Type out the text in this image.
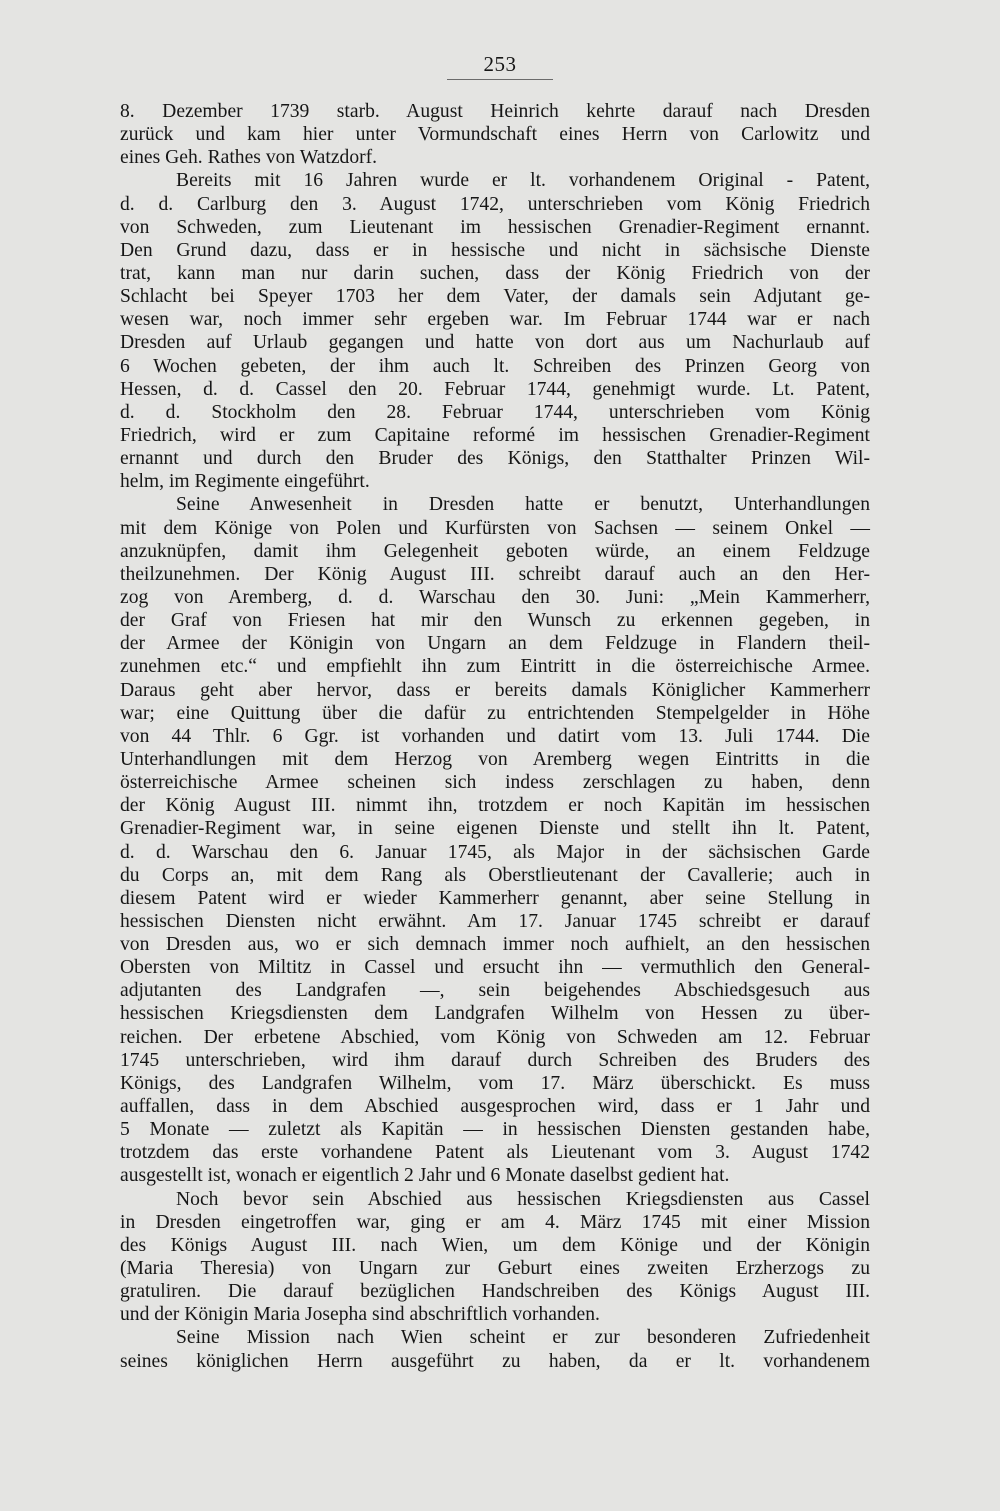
253
8. Dezember 1739 starb. August Heinrich kehrte darauf nach Dresden
zurück und kam hier unter Vormundschaft eines Herrn von Carlowitz und
eines Geh. Rathes von Watzdorf.
Bereits mit 16 Jahren wurde er lt. vorhandenem Original - Patent,
d. d. Carlburg den 3. August 1742, unterschrieben vom König Friedrich
von Schweden, zum Lieutenant im hessischen Grenadier-Regiment ernannt.
Den Grund dazu, dass er in hessische und nicht in sächsische Dienste
trat, kann man nur darin suchen, dass der König Friedrich von der
Schlacht bei Speyer 1703 her dem Vater, der damals sein Adjutant ge-
wesen war, noch immer sehr ergeben war. Im Februar 1744 war er nach
Dresden auf Urlaub gegangen und hatte von dort aus um Nachurlaub auf
6 Wochen gebeten, der ihm auch lt. Schreiben des Prinzen Georg von
Hessen, d. d. Cassel den 20. Februar 1744, genehmigt wurde. Lt. Patent,
d. d. Stockholm den 28. Februar 1744, unterschrieben vom König
Friedrich, wird er zum Capitaine reformé im hessischen Grenadier-Regiment
ernannt und durch den Bruder des Königs, den Statthalter Prinzen Wil-
helm, im Regimente eingeführt.
Seine Anwesenheit in Dresden hatte er benutzt, Unterhandlungen
mit dem Könige von Polen und Kurfürsten von Sachsen — seinem Onkel —
anzuknüpfen, damit ihm Gelegenheit geboten würde, an einem Feldzuge
theilzunehmen. Der König August III. schreibt darauf auch an den Her-
zog von Aremberg, d. d. Warschau den 30. Juni: „Mein Kammerherr,
der Graf von Friesen hat mir den Wunsch zu erkennen gegeben, in
der Armee der Königin von Ungarn an dem Feldzuge in Flandern theil-
zunehmen etc.“ und empfiehlt ihn zum Eintritt in die österreichische Armee.
Daraus geht aber hervor, dass er bereits damals Königlicher Kammerherr
war; eine Quittung über die dafür zu entrichtenden Stempelgelder in Höhe
von 44 Thlr. 6 Ggr. ist vorhanden und datirt vom 13. Juli 1744. Die
Unterhandlungen mit dem Herzog von Aremberg wegen Eintritts in die
österreichische Armee scheinen sich indess zerschlagen zu haben, denn
der König August III. nimmt ihn, trotzdem er noch Kapitän im hessischen
Grenadier-Regiment war, in seine eigenen Dienste und stellt ihn lt. Patent,
d. d. Warschau den 6. Januar 1745, als Major in der sächsischen Garde
du Corps an, mit dem Rang als Oberstlieutenant der Cavallerie; auch in
diesem Patent wird er wieder Kammerherr genannt, aber seine Stellung in
hessischen Diensten nicht erwähnt. Am 17. Januar 1745 schreibt er darauf
von Dresden aus, wo er sich demnach immer noch aufhielt, an den hessischen
Obersten von Miltitz in Cassel und ersucht ihn — vermuthlich den General-
adjutanten des Landgrafen —, sein beigehendes Abschiedsgesuch aus
hessischen Kriegsdiensten dem Landgrafen Wilhelm von Hessen zu über-
reichen. Der erbetene Abschied, vom König von Schweden am 12. Februar
1745 unterschrieben, wird ihm darauf durch Schreiben des Bruders des
Königs, des Landgrafen Wilhelm, vom 17. März überschickt. Es muss
auffallen, dass in dem Abschied ausgesprochen wird, dass er 1 Jahr und
5 Monate — zuletzt als Kapitän — in hessischen Diensten gestanden habe,
trotzdem das erste vorhandene Patent als Lieutenant vom 3. August 1742
ausgestellt ist, wonach er eigentlich 2 Jahr und 6 Monate daselbst gedient hat.
Noch bevor sein Abschied aus hessischen Kriegsdiensten aus Cassel
in Dresden eingetroffen war, ging er am 4. März 1745 mit einer Mission
des Königs August III. nach Wien, um dem Könige und der Königin
(Maria Theresia) von Ungarn zur Geburt eines zweiten Erzherzogs zu
gratuliren. Die darauf bezüglichen Handschreiben des Königs August III.
und der Königin Maria Josepha sind abschriftlich vorhanden.
Seine Mission nach Wien scheint er zur besonderen Zufriedenheit
seines königlichen Herrn ausgeführt zu haben, da er lt. vorhandenem
